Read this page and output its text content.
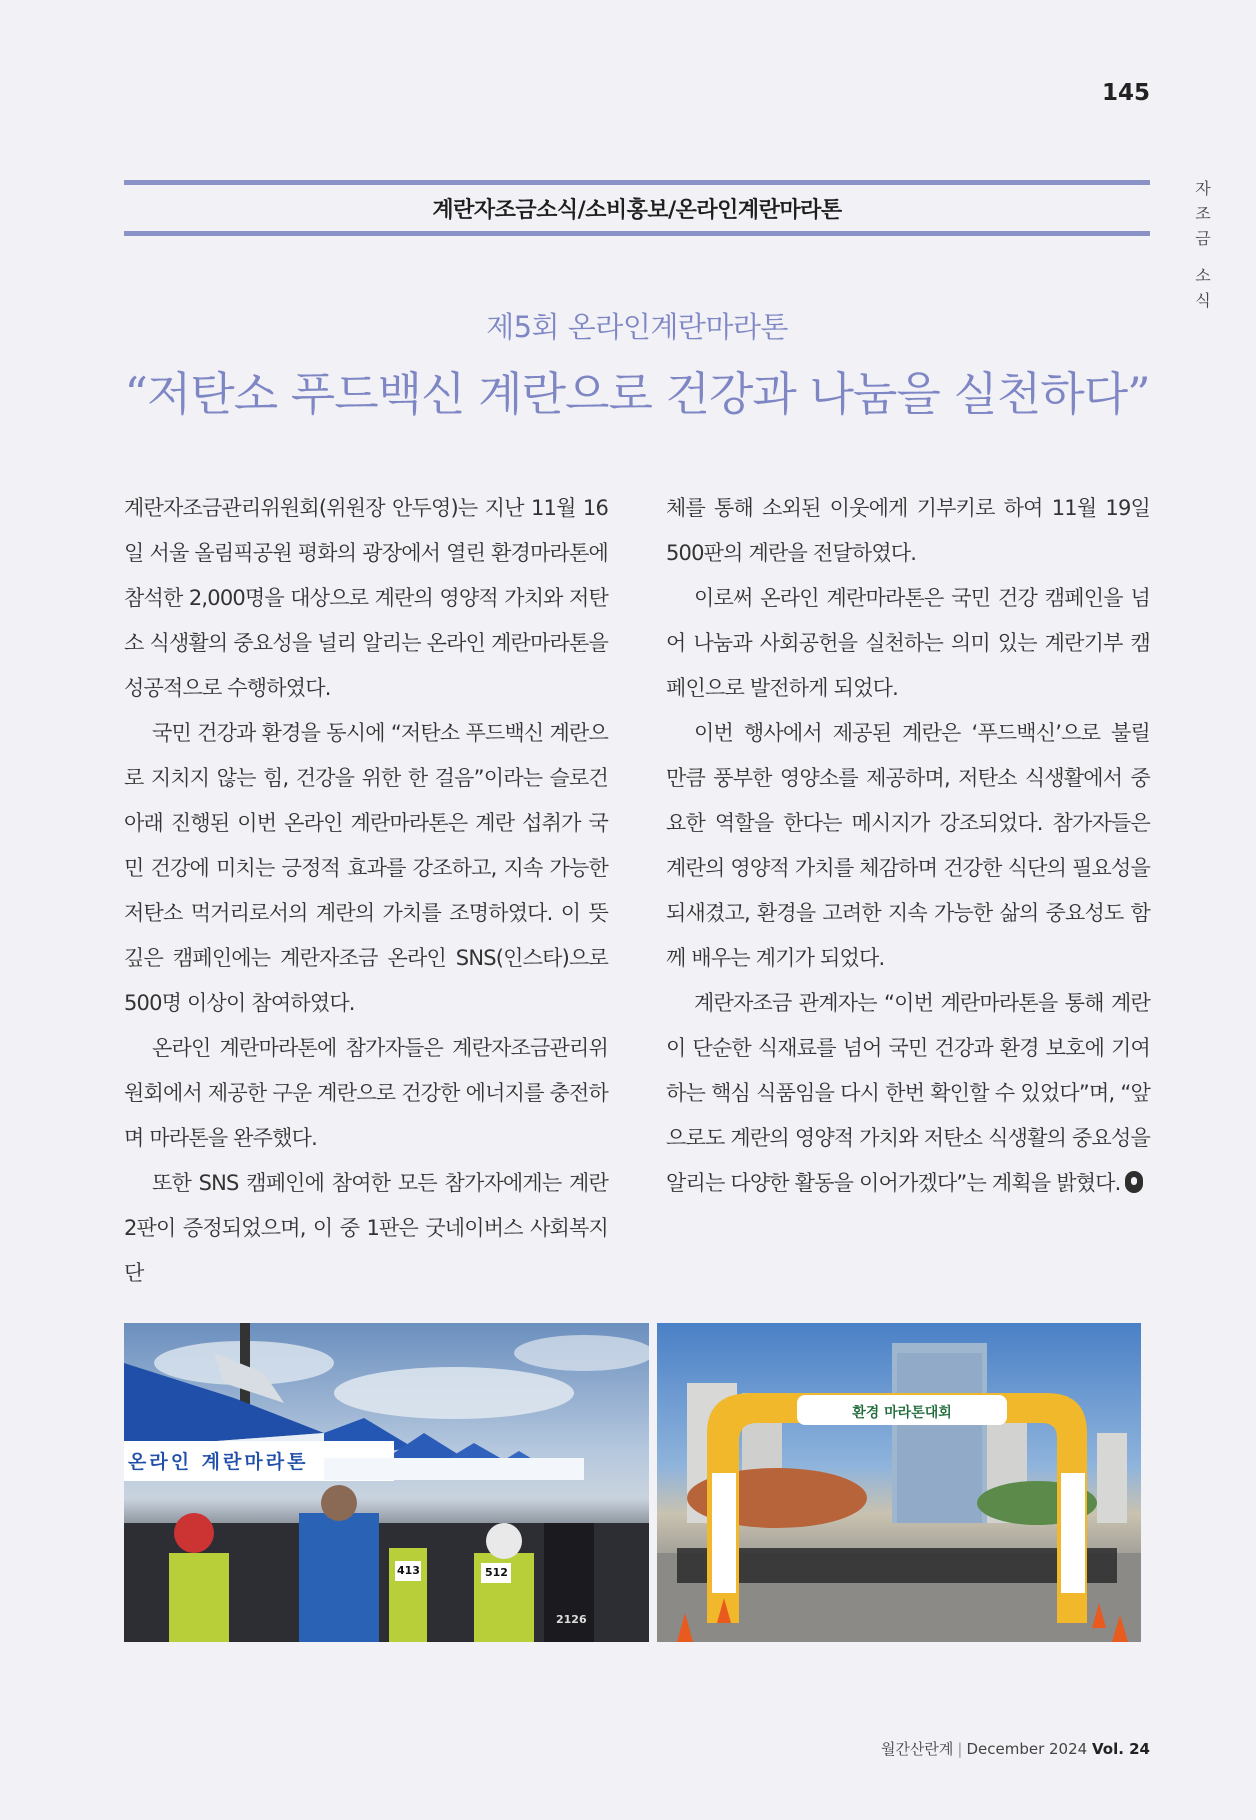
145
자
조
금
소
식
계란자조금소식/소비홍보/온라인계란마라톤
제5회 온라인계란마라톤
“저탄소 푸드백신 계란으로 건강과 나눔을 실천하다”

계란자조금관리위원회(위원장 안두영)는 지난 11월 16일 서울 올림픽공원 평화의 광장에서 열린 환경마라톤에 참석한 2,000명을 대상으로 계란의 영양적 가치와 저탄소 식생활의 중요성을 널리 알리는 온라인 계란마라톤을 성공적으로 수행하였다.

국민 건강과 환경을 동시에 “저탄소 푸드백신 계란으로 지치지 않는 힘, 건강을 위한 한 걸음”이라는 슬로건 아래 진행된 이번 온라인 계란마라톤은 계란 섭취가 국민 건강에 미치는 긍정적 효과를 강조하고, 지속 가능한 저탄소 먹거리로서의 계란의 가치를 조명하였다. 이 뜻깊은 캠페인에는 계란자조금 온라인 SNS(인스타)으로 500명 이상이 참여하였다.

온라인 계란마라톤에 참가자들은 계란자조금관리위원회에서 제공한 구운 계란으로 건강한 에너지를 충전하며 마라톤을 완주했다.

또한 SNS 캠페인에 참여한 모든 참가자에게는 계란 2판이 증정되었으며, 이 중 1판은 굿네이버스 사회복지단

체를 통해 소외된 이웃에게 기부키로 하여 11월 19일 500판의 계란을 전달하였다.

이로써 온라인 계란마라톤은 국민 건강 캠페인을 넘어 나눔과 사회공헌을 실천하는 의미 있는 계란기부 캠페인으로 발전하게 되었다.

이번 행사에서 제공된 계란은 ‘푸드백신’으로 불릴 만큼 풍부한 영양소를 제공하며, 저탄소 식생활에서 중요한 역할을 한다는 메시지가 강조되었다. 참가자들은 계란의 영양적 가치를 체감하며 건강한 식단의 필요성을 되새겼고, 환경을 고려한 지속 가능한 삶의 중요성도 함께 배우는 계기가 되었다.

계란자조금 관계자는 “이번 계란마라톤을 통해 계란이 단순한 식재료를 넘어 국민 건강과 환경 보호에 기여하는 핵심 식품임을 다시 한번 확인할 수 있었다”며, “앞으로도 계란의 영양적 가치와 저탄소 식생활의 중요성을 알리는 다양한 활동을 이어가겠다”는 계획을 밝혔다.

온라인 계란마라톤
413	512
2126
환경 마라톤대회
월간산란계 | December 2024 Vol. 24
